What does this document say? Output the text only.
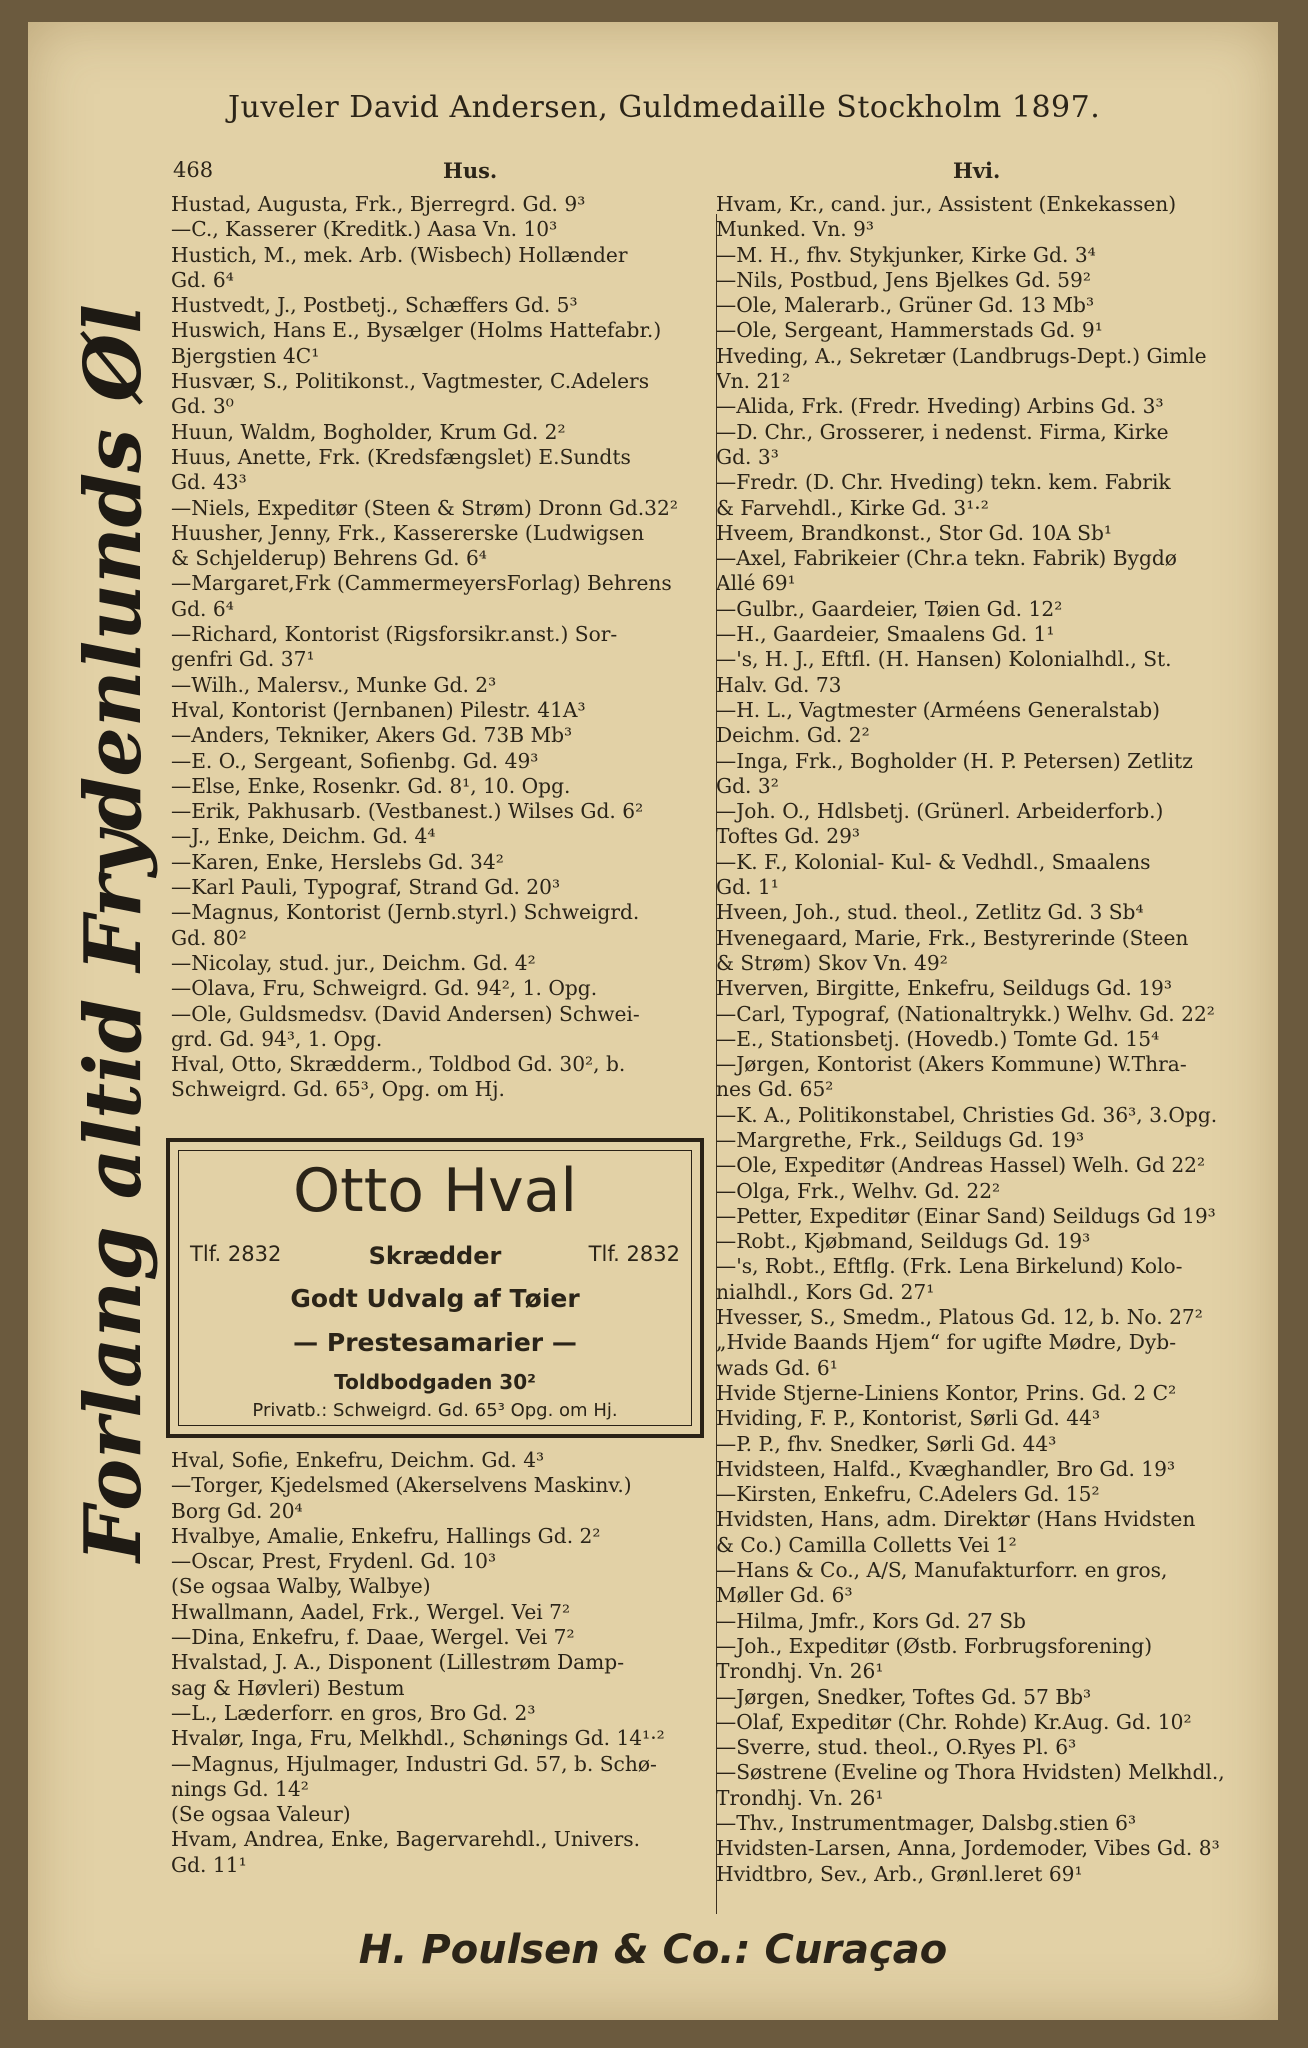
Juveler David Andersen, Guldmedaille Stockholm 1897.
468	Hus.	Hvi.
Forlang altid Frydenlunds Øl
Hustad, Augusta, Frk., Bjerregrd. Gd. 9³
—C., Kasserer (Kreditk.) Aasa Vn. 10³
Hustich, M., mek. Arb. (Wisbech) Hollænder
Gd. 6⁴
Hustvedt, J., Postbetj., Schæffers Gd. 5³
Huswich, Hans E., Bysælger (Holms Hattefabr.)
Bjergstien 4C¹
Husvær, S., Politikonst., Vagtmester, C.Adelers
Gd. 3⁰
Huun, Waldm, Bogholder, Krum Gd. 2²
Huus, Anette, Frk. (Kredsfængslet) E.Sundts
Gd. 43³
—Niels, Expeditør (Steen & Strøm) Dronn Gd.32²
Huusher, Jenny, Frk., Kassererske (Ludwigsen
& Schjelderup) Behrens Gd. 6⁴
—Margaret,Frk (CammermeyersForlag) Behrens
Gd. 6⁴
—Richard, Kontorist (Rigsforsikr.anst.) Sor-
genfri Gd. 37¹
—Wilh., Malersv., Munke Gd. 2³
Hval, Kontorist (Jernbanen) Pilestr. 41A³
—Anders, Tekniker, Akers Gd. 73B Mb³
—E. O., Sergeant, Sofienbg. Gd. 49³
—Else, Enke, Rosenkr. Gd. 8¹, 10. Opg.
—Erik, Pakhusarb. (Vestbanest.) Wilses Gd. 6²
—J., Enke, Deichm. Gd. 4⁴
—Karen, Enke, Herslebs Gd. 34²
—Karl Pauli, Typograf, Strand Gd. 20³
—Magnus, Kontorist (Jernb.styrl.) Schweigrd.
Gd. 80²
—Nicolay, stud. jur., Deichm. Gd. 4²
—Olava, Fru, Schweigrd. Gd. 94², 1. Opg.
—Ole, Guldsmedsv. (David Andersen) Schwei-
grd. Gd. 94³, 1. Opg.
Hval, Otto, Skrædderm., Toldbod Gd. 30², b.
Schweigrd. Gd. 65³, Opg. om Hj.
Otto Hval
Tlf. 2832	Skrædder	Tlf. 2832
Godt Udvalg af Tøier
— Prestesamarier —
Toldbodgaden 30²
Privatb.: Schweigrd. Gd. 65³ Opg. om Hj.
Hval, Sofie, Enkefru, Deichm. Gd. 4³
—Torger, Kjedelsmed (Akerselvens Maskinv.)
Borg Gd. 20⁴
Hvalbye, Amalie, Enkefru, Hallings Gd. 2²
—Oscar, Prest, Frydenl. Gd. 10³
(Se ogsaa Walby, Walbye)
Hwallmann, Aadel, Frk., Wergel. Vei 7²
—Dina, Enkefru, f. Daae, Wergel. Vei 7²
Hvalstad, J. A., Disponent (Lillestrøm Damp-
sag & Høvleri) Bestum
—L., Læderforr. en gros, Bro Gd. 2³
Hvalør, Inga, Fru, Melkhdl., Schønings Gd. 14¹·²
—Magnus, Hjulmager, Industri Gd. 57, b. Schø-
nings Gd. 14²
(Se ogsaa Valeur)
Hvam, Andrea, Enke, Bagervarehdl., Univers.
Gd. 11¹
Hvam, Kr., cand. jur., Assistent (Enkekassen)
Munked. Vn. 9³
—M. H., fhv. Stykjunker, Kirke Gd. 3⁴
—Nils, Postbud, Jens Bjelkes Gd. 59²
—Ole, Malerarb., Grüner Gd. 13 Mb³
—Ole, Sergeant, Hammerstads Gd. 9¹
Hveding, A., Sekretær (Landbrugs-Dept.) Gimle
Vn. 21²
—Alida, Frk. (Fredr. Hveding) Arbins Gd. 3³
—D. Chr., Grosserer, i nedenst. Firma, Kirke
Gd. 3³
—Fredr. (D. Chr. Hveding) tekn. kem. Fabrik
& Farvehdl., Kirke Gd. 3¹·²
Hveem, Brandkonst., Stor Gd. 10A Sb¹
—Axel, Fabrikeier (Chr.a tekn. Fabrik) Bygdø
Allé 69¹
—Gulbr., Gaardeier, Tøien Gd. 12²
—H., Gaardeier, Smaalens Gd. 1¹
—'s, H. J., Eftfl. (H. Hansen) Kolonialhdl., St.
Halv. Gd. 73
—H. L., Vagtmester (Arméens Generalstab)
Deichm. Gd. 2²
—Inga, Frk., Bogholder (H. P. Petersen) Zetlitz
Gd. 3²
—Joh. O., Hdlsbetj. (Grünerl. Arbeiderforb.)
Toftes Gd. 29³
—K. F., Kolonial- Kul- & Vedhdl., Smaalens
Gd. 1¹
Hveen, Joh., stud. theol., Zetlitz Gd. 3 Sb⁴
Hvenegaard, Marie, Frk., Bestyrerinde (Steen
& Strøm) Skov Vn. 49²
Hverven, Birgitte, Enkefru, Seildugs Gd. 19³
—Carl, Typograf, (Nationaltrykk.) Welhv. Gd. 22²
—E., Stationsbetj. (Hovedb.) Tomte Gd. 15⁴
—Jørgen, Kontorist (Akers Kommune) W.Thra-
nes Gd. 65²
—K. A., Politikonstabel, Christies Gd. 36³, 3.Opg.
—Margrethe, Frk., Seildugs Gd. 19³
—Ole, Expeditør (Andreas Hassel) Welh. Gd 22²
—Olga, Frk., Welhv. Gd. 22²
—Petter, Expeditør (Einar Sand) Seildugs Gd 19³
—Robt., Kjøbmand, Seildugs Gd. 19³
—'s, Robt., Eftflg. (Frk. Lena Birkelund) Kolo-
nialhdl., Kors Gd. 27¹
Hvesser, S., Smedm., Platous Gd. 12, b. No. 27²
„Hvide Baands Hjem“ for ugifte Mødre, Dyb-
wads Gd. 6¹
Hvide Stjerne-Liniens Kontor, Prins. Gd. 2 C²
Hviding, F. P., Kontorist, Sørli Gd. 44³
—P. P., fhv. Snedker, Sørli Gd. 44³
Hvidsteen, Halfd., Kvæghandler, Bro Gd. 19³
—Kirsten, Enkefru, C.Adelers Gd. 15²
Hvidsten, Hans, adm. Direktør (Hans Hvidsten
& Co.) Camilla Colletts Vei 1²
—Hans & Co., A/S, Manufakturforr. en gros,
Møller Gd. 6³
—Hilma, Jmfr., Kors Gd. 27 Sb
—Joh., Expeditør (Østb. Forbrugsforening)
Trondhj. Vn. 26¹
—Jørgen, Snedker, Toftes Gd. 57 Bb³
—Olaf, Expeditør (Chr. Rohde) Kr.Aug. Gd. 10²
—Sverre, stud. theol., O.Ryes Pl. 6³
—Søstrene (Eveline og Thora Hvidsten) Melkhdl.,
Trondhj. Vn. 26¹
—Thv., Instrumentmager, Dalsbg.stien 6³
Hvidsten-Larsen, Anna, Jordemoder, Vibes Gd. 8³
Hvidtbro, Sev., Arb., Grønl.leret 69¹
H. Poulsen & Co.: Curaçao
